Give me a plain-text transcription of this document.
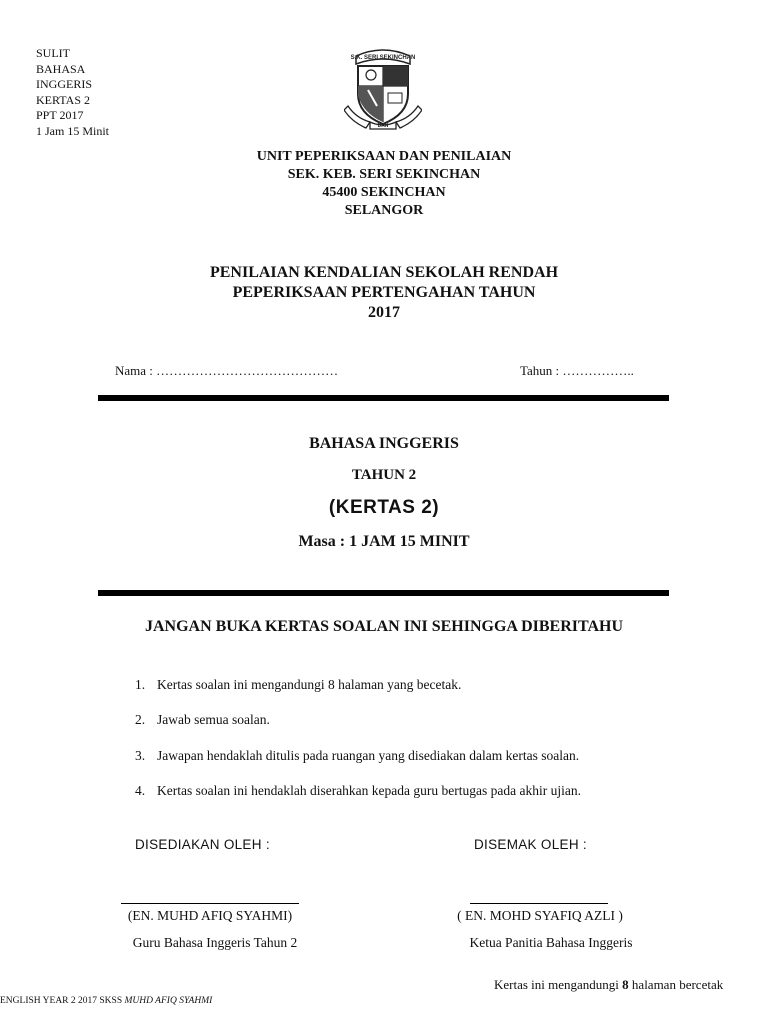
SULIT
BAHASA
INGGERIS
KERTAS 2
PPT 2017
1 Jam 15 Minit
S.K. SERI SEKINCHAN
DAN
UNIT PEPERIKSAAN DAN PENILAIAN
SEK. KEB. SERI SEKINCHAN
45400 SEKINCHAN
SELANGOR
PENILAIAN KENDALIAN SEKOLAH RENDAH
PEPERIKSAAN PERTENGAHAN TAHUN
2017
Nama : ……………………………………	Tahun : ……………..
BAHASA INGGERIS
TAHUN 2
(KERTAS 2)
Masa : 1 JAM 15 MINIT
JANGAN BUKA KERTAS SOALAN INI SEHINGGA DIBERITAHU
1. Kertas soalan ini mengandungi 8 halaman yang becetak.
2. Jawab semua soalan.
3. Jawapan hendaklah ditulis pada ruangan yang disediakan dalam kertas soalan.
4. Kertas soalan ini hendaklah diserahkan kepada guru bertugas pada akhir ujian.
DISEDIAKAN OLEH :	DISEMAK OLEH :
(EN. MUHD AFIQ SYAHMI)	( EN. MOHD SYAFIQ AZLI )
Guru Bahasa Inggeris Tahun 2	Ketua Panitia Bahasa Inggeris
Kertas ini mengandungi 8 halaman bercetak
ENGLISH YEAR 2 2017 SKSS MUHD AFIQ SYAHMI
